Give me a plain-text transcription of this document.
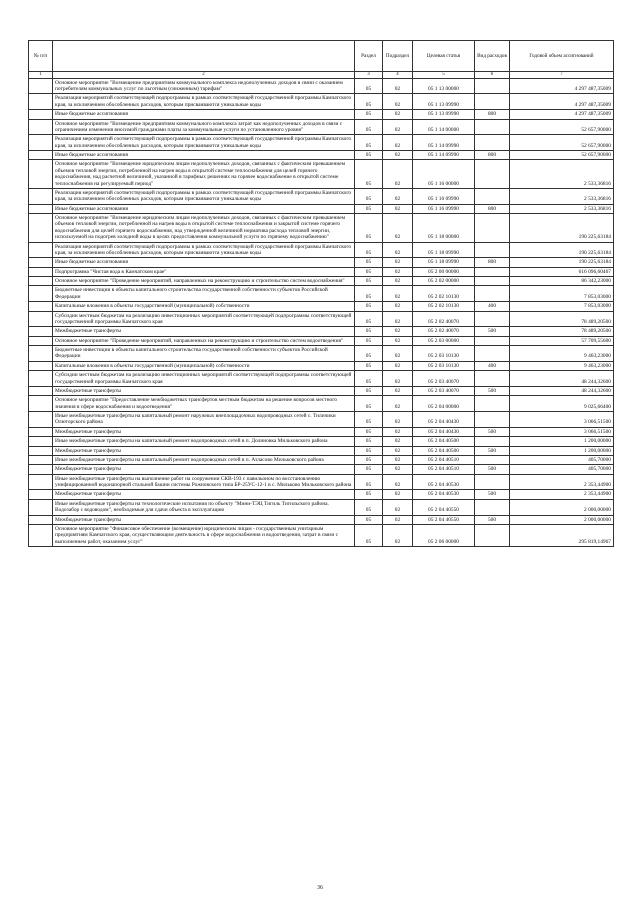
№ п/п		Раздел	Подраздел	Целевая статья	Вид расходов	Годовой объем ассигнований
1	2	3	4	5	6	7
	Основное мероприятие "Возмещение предприятиям коммунального комплекса недополученных доходов в связи с оказанием потребителям коммунальных услуг по льготным (сниженным) тарифам"	05	02	05 1 13 00000		4 297 487,35009
	Реализация мероприятий соответствующей подпрограммы в рамках соответствующей государственной программы Камчатского края, за исключением обособленных расходов, которым присваиваются уникальные коды	05	02	05 1 13 09990		4 297 487,35009
	Иные бюджетные ассигнования	05	02	05 1 13 09990	800	4 297 487,35009
	Основное мероприятие "Возмещение предприятиям коммунального комплекса затрат как недополученных доходов в связи с ограничением изменения вносимой гражданами платы за коммунальные услуги по установленного уровня"	05	02	05 1 14 00000		52 657,90000
	Реализация мероприятий соответствующей подпрограммы в рамках соответствующей государственной программы Камчатского края, за исключением обособленных расходов, которым присваиваются уникальные коды	05	02	05 1 14 09990		52 657,90000
	Иные бюджетные ассигнования	05	02	05 1 14 09990	800	52 657,90000
	Основное мероприятие "Возмещение юридическим лицам недополученных доходов, связанных с фактическим превышением объемов тепловой энергии, потребленной на нагрев воды в открытой системе теплоснабжения для целей горячего водоснабжения, над расчетной величиной, указанной в тарифных решениях на горячее водоснабжение в открытой системе теплоснабжения на регулируемый период"	05	02	05 1 16 00000		2 533,36816
	Реализация мероприятий соответствующей подпрограммы в рамках соответствующей государственной программы Камчатского края, за исключением обособленных расходов, которым присваиваются уникальные коды	05	02	05 1 16 09990		2 533,36816
	Иные бюджетные ассигнования	05	02	05 1 16 09990	800	2 533,36816
	Основное мероприятие "Возмещение юридическим лицам недополученных доходов, связанных с фактическим превышением объемов тепловой энергии, потребленной на нагрев воды в открытой системе теплоснабжения и закрытой системе горячего водоснабжения для целей горячего водоснабжения, над утвержденной величиной норматива расхода тепловой энергии, используемой на подогрев холодной воды в целях предоставления коммунальной услуги по горячему водоснабжению"	05	02	05 1 18 00000		190 225,63184
	Реализация мероприятий соответствующей подпрограммы в рамках соответствующей государственной программы Камчатского края, за исключением обособленных расходов, которым присваиваются уникальные коды	05	02	05 1 18 09990		190 225,63184
	Иные бюджетные ассигнования	05	02	05 1 18 09990	800	190 225,63184
	Подпрограмма "Чистая вода в Камчатском крае"	05	02	05 2 00 00000		616 096,60467
	Основное мероприятие "Проведение мероприятий, направленных на реконструкцию и строительство систем водоснабжения"	05	02	05 2 02 00000		86 342,23000
	Бюджетные инвестиции в объекты капитального строительства государственной собственности субъектов Российской Федерации	05	02	05 2 02 10130		7 853,03000
	Капитальные вложения в объекты государственной (муниципальной) собственности	05	02	05 2 02 10130	400	7 853,03000
	Субсидии местным бюджетам на реализацию инвестиционных мероприятий соответствующей подпрограммы соответствующей государственной программы Камчатского края	05	02	05 2 02 40070		78 489,20500
	Межбюджетные трансферты	05	02	05 2 02 40070	500	78 489,20500
	Основное мероприятие "Проведение мероприятий, направленных на реконструкцию и строительство систем водоотведения"	05	02	05 2 03 00000		57 709,55600
	Бюджетные инвестиции в объекты капитального строительства государственной собственности субъектов Российской Федерации	05	02	05 2 03 10130		9 463,23000
	Капитальные вложения в объекты государственной (муниципальной) собственности	05	02	05 2 03 10130	400	9 463,23000
	Субсидии местным бюджетам на реализацию инвестиционных мероприятий соответствующей подпрограммы соответствующей государственной программы Камчатского края	05	02	05 2 03 40070		48 244,32600
	Межбюджетные трансферты	05	02	05 2 03 40070	500	48 244,32600
	Основное мероприятие "Предоставление межбюджетных трансфертов местным бюджетам на решение вопросов местного значения в сфере водоснабжения и водоотведения"	05	02	05 2 04 00000		9 025,66400
	Иные межбюджетные трансферты на капитальный ремонт наружных внеплощадочных водопроводных сетей с. Тиличики Олюторского района	05	02	05 2 04 40430		3 066,51500
	Межбюджетные трансферты	05	02	05 2 04 40430	500	3 066,51500
	Иные межбюджетные трансферты на капитальный ремонт водопроводных сетей в п. Долиновка Мильковского района	05	02	05 2 04 40500		1 200,00000
	Межбюджетные трансферты	05	02	05 2 04 40500	500	1 200,00000
	Иные межбюджетные трансферты на капитальный ремонт водопроводных сетей в п. Атласово Мильковского района	05	02	05 2 04 40510		405,70000
	Межбюджетные трансферты	05	02	05 2 04 40510	500	405,70000
	Иные межбюджетные трансферты на выполнение работ на сооружении СКВ-193 с павильоном по восстановлению унифицированной водонапорной стальной башни системы Рожновского типа БР-25УС-12-1 в с. Мильково Мильковского района	05	02	05 2 04 40530		2 353,44900
	Межбюджетные трансферты	05	02	05 2 04 40530	500	2 353,44900
	Иные межбюджетные трансферты на технологические испытания по объекту "Мини-ТЭЦ Тигиль Тигильского района. Водозабор с водоводом", необходимые для сдачи объекта в эксплуатацию	05	02	05 2 04 40550		2 000,00000
	Межбюджетные трансферты	05	02	05 2 04 40550	500	2 000,00000
	Основное мероприятие "Финансовое обеспечение (возмещение) юридическим лицам - государственным унитарным предприятиям Камчатского края, осуществляющим деятельность в сфере водоснабжения и водоотведения, затрат в связи с выполнением работ, оказанием услуг"	05	02	05 2 06 00000		295 819,14967
36
